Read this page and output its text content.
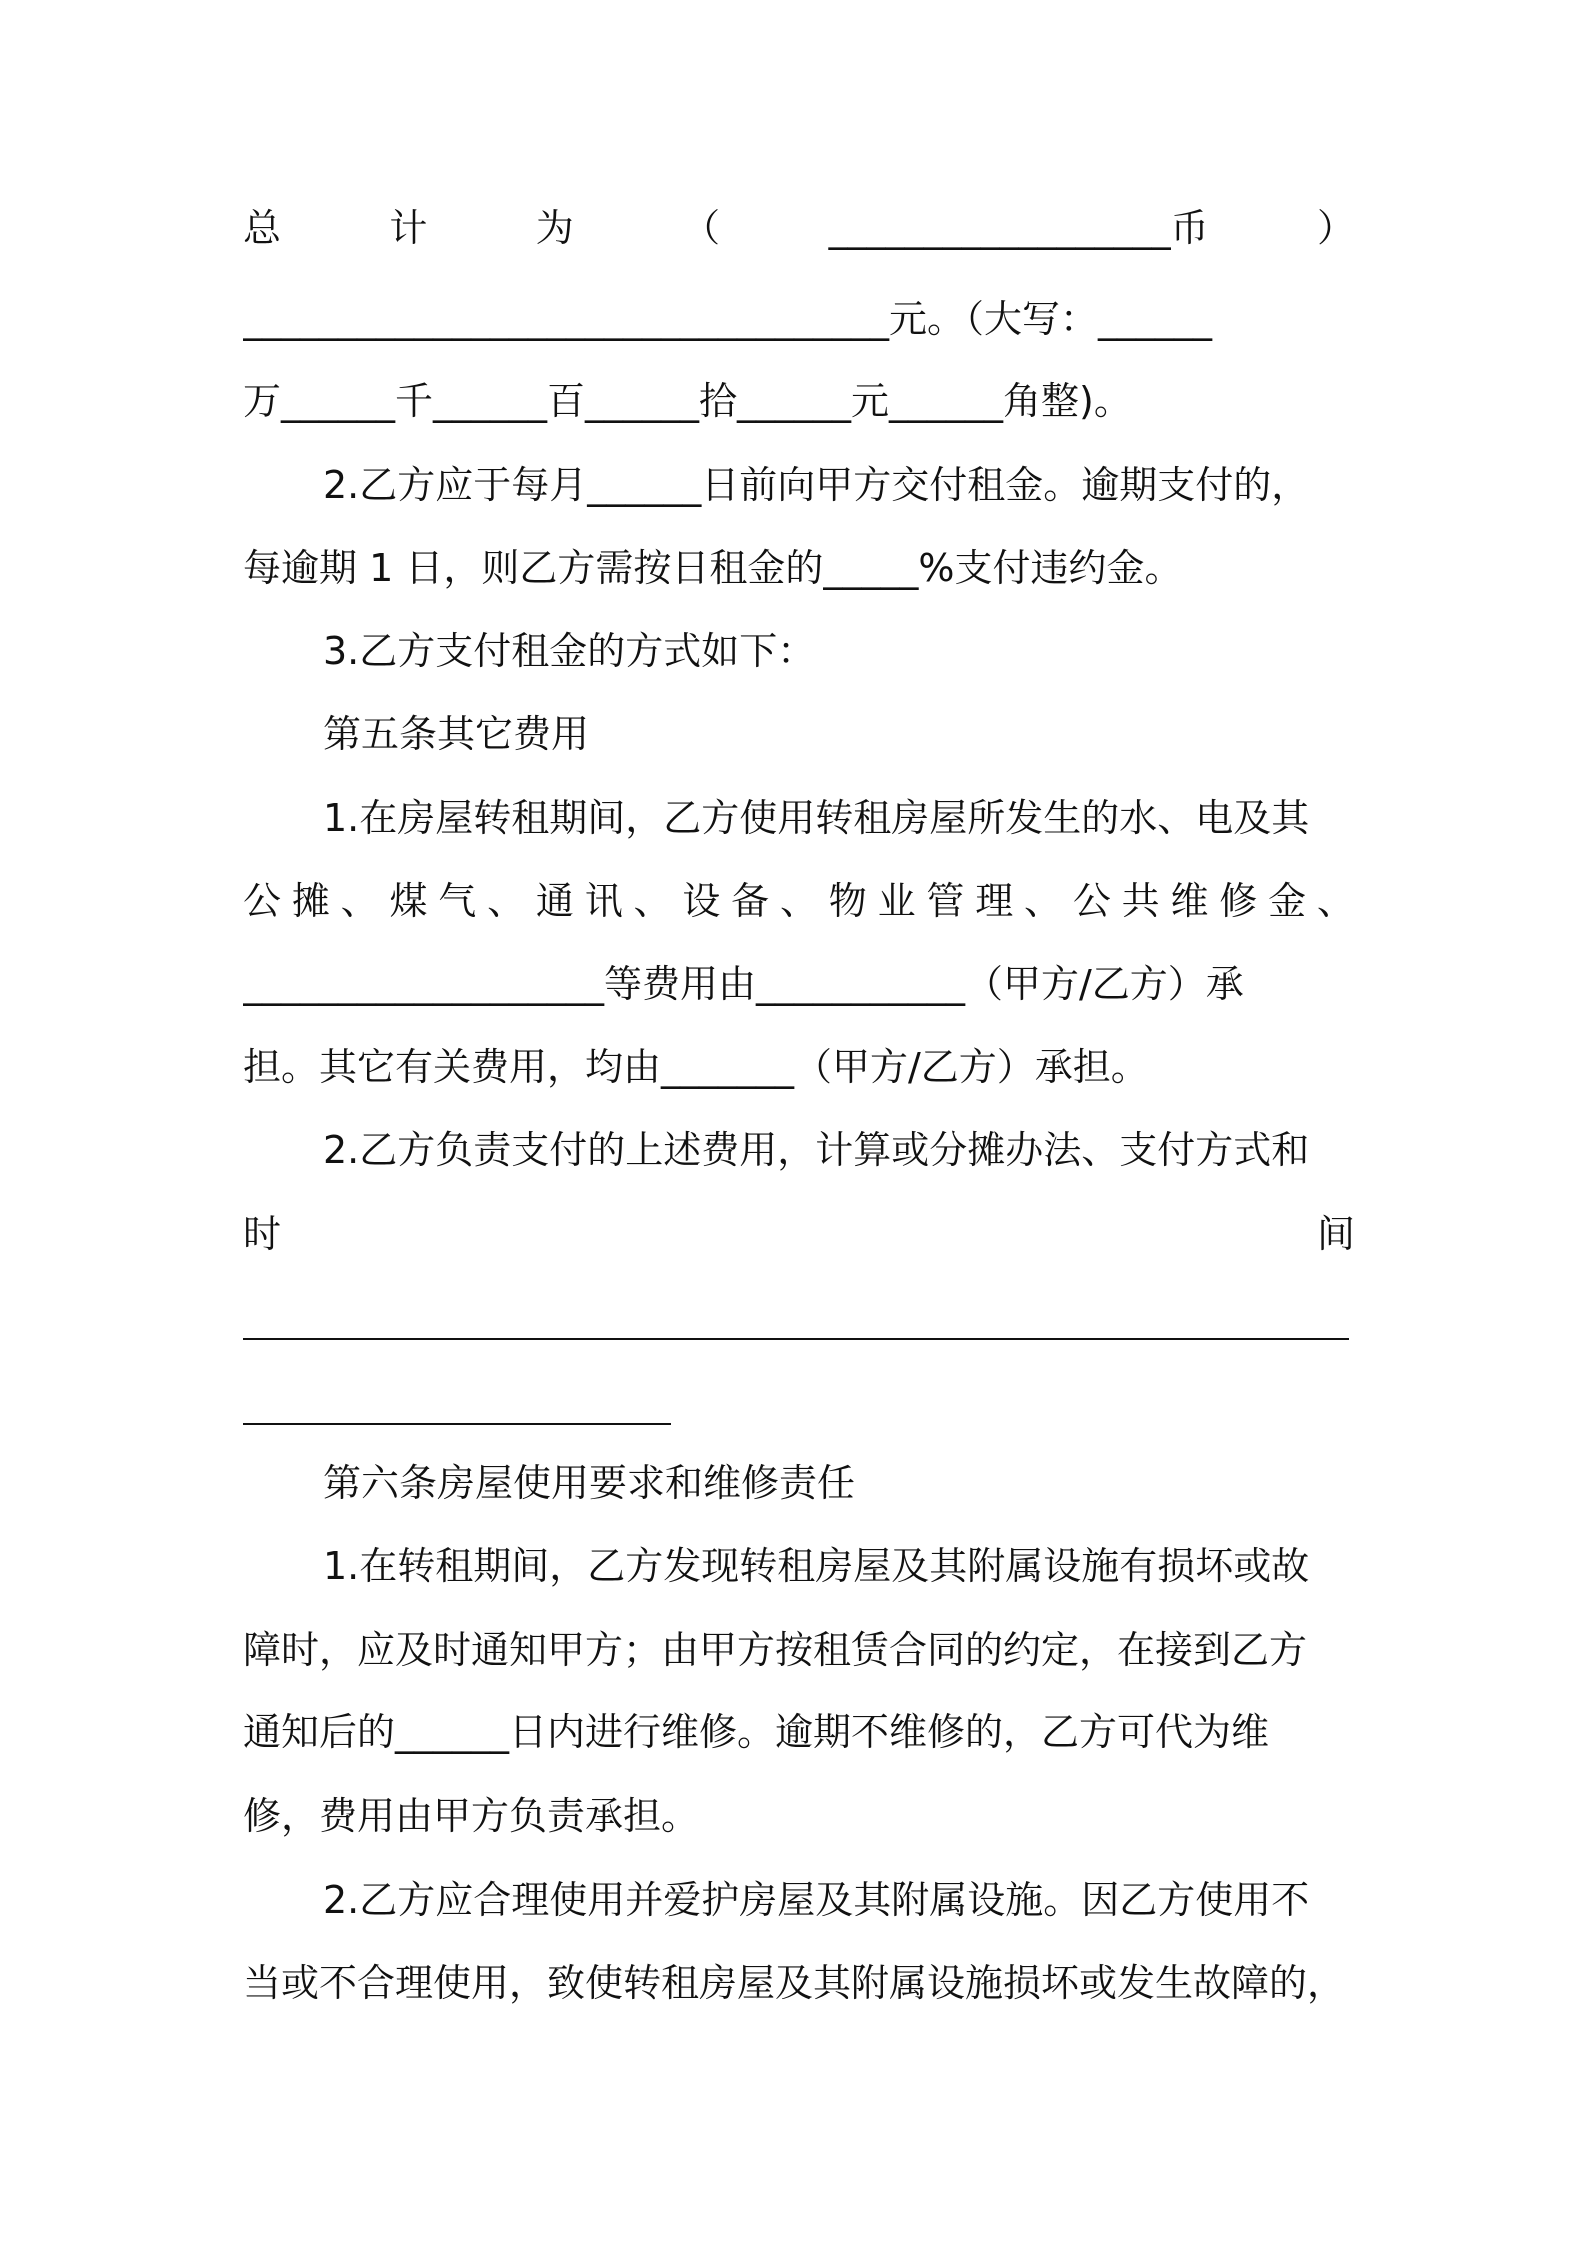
总	计	为	（	__________________币	）
__________________________________元。（大写：______
万______千______百______拾______元______角整)。
2.乙方应于每月______日前向甲方交付租金。逾期支付的，
每逾期 1 日，则乙方需按日租金的_____%支付违约金。
3.乙方支付租金的方式如下：
第五条其它费用
1.在房屋转租期间，乙方使用转租房屋所发生的水、电及其
公 摊 、 煤 气 、 通 讯 、 设 备 、 物 业 管 理 、 公 共 维 修 金 、
___________________等费用由___________（甲方/乙方）承
担。其它有关费用，均由_______（甲方/乙方）承担。
2.乙方负责支付的上述费用，计算或分摊办法、支付方式和
时	间
第六条房屋使用要求和维修责任
1.在转租期间，乙方发现转租房屋及其附属设施有损坏或故
障时，应及时通知甲方；由甲方按租赁合同的约定，在接到乙方
通知后的______日内进行维修。逾期不维修的，乙方可代为维
修，费用由甲方负责承担。
2.乙方应合理使用并爱护房屋及其附属设施。因乙方使用不
当或不合理使用，致使转租房屋及其附属设施损坏或发生故障的，
